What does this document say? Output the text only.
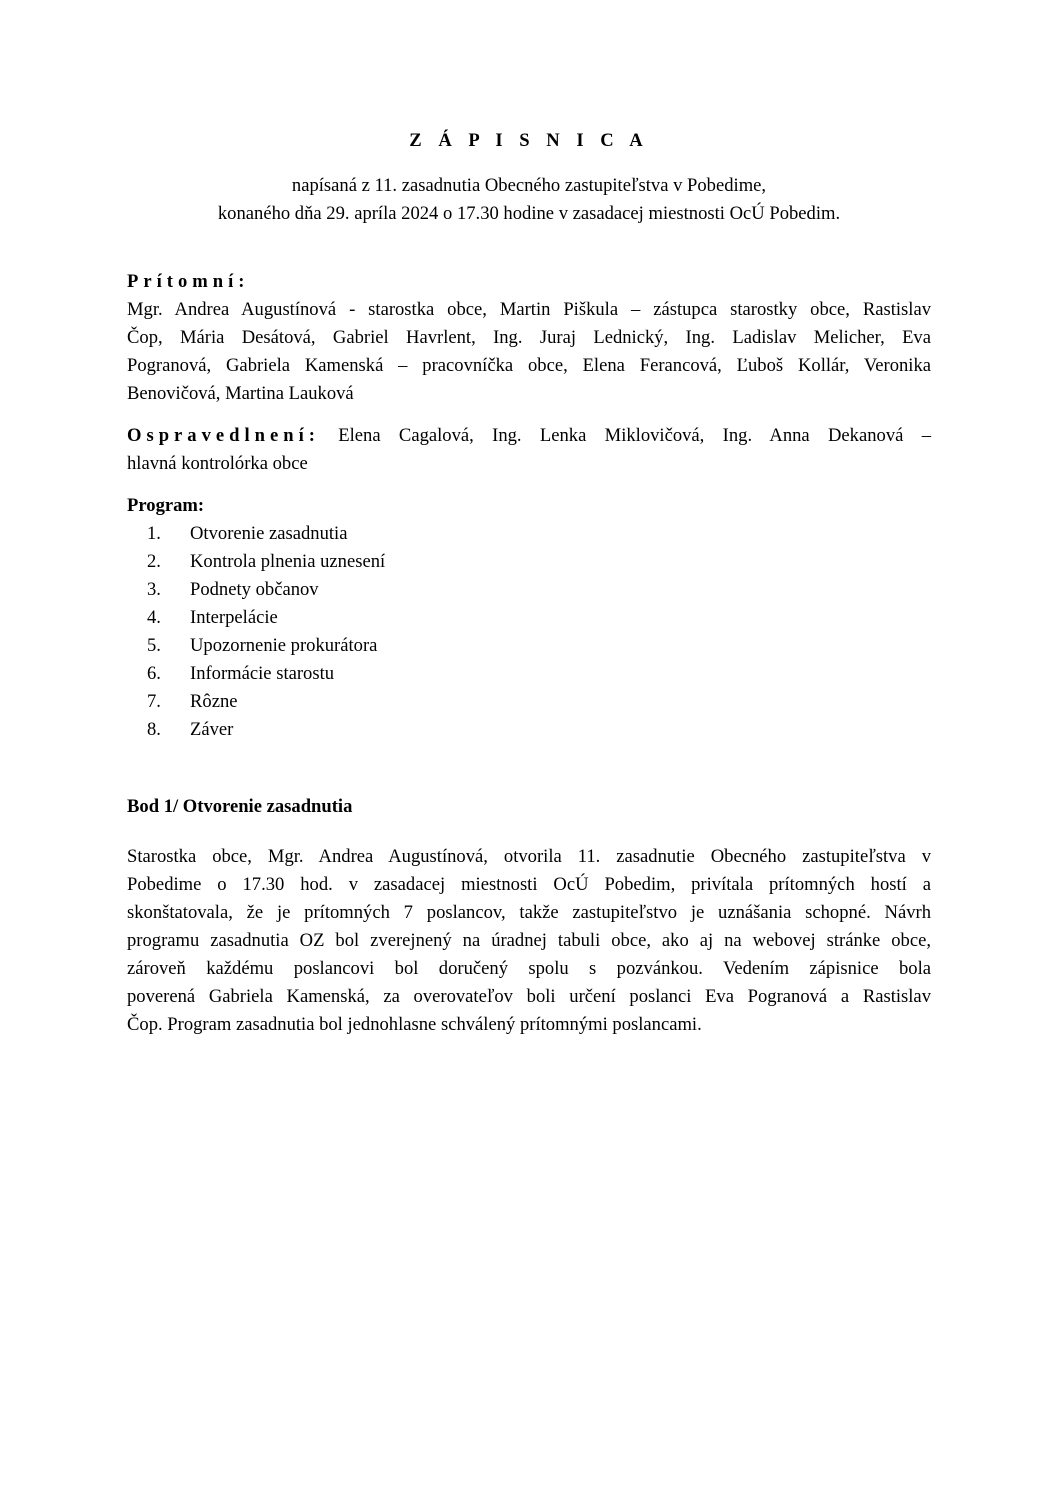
Z Á P I S N I C A
napísaná z 11. zasadnutia Obecného zastupiteľstva v Pobedime,
konaného dňa 29. apríla 2024 o 17.30 hodine v zasadacej miestnosti OcÚ Pobedim.
Prítomní:
Mgr. Andrea Augustínová - starostka obce, Martin Piškula – zástupca starostky obce, Rastislav
Čop, Mária Desátová, Gabriel Havrlent, Ing. Juraj Lednický, Ing. Ladislav Melicher, Eva
Pogranová, Gabriela Kamenská – pracovníčka obce, Elena Ferancová, Ľuboš Kollár, Veronika
Benovičová, Martina Lauková
Ospravedlnení: Elena Cagalová, Ing. Lenka Miklovičová, Ing. Anna Dekanová –
hlavná kontrolórka obce
Program:
1.	Otvorenie zasadnutia
2.	Kontrola plnenia uznesení
3.	Podnety občanov
4.	Interpelácie
5.	Upozornenie prokurátora
6.	Informácie starostu
7.	Rôzne
8.	Záver
Bod 1/ Otvorenie zasadnutia
Starostka obce, Mgr. Andrea Augustínová, otvorila 11. zasadnutie Obecného zastupiteľstva v
Pobedime o 17.30 hod. v zasadacej miestnosti OcÚ Pobedim, privítala prítomných hostí a
skonštatovala, že je prítomných 7 poslancov, takže zastupiteľstvo je uznášania schopné. Návrh
programu zasadnutia OZ bol zverejnený na úradnej tabuli obce, ako aj na webovej stránke obce,
zároveň každému poslancovi bol doručený spolu s pozvánkou. Vedením zápisnice bola
poverená Gabriela Kamenská, za overovateľov boli určení poslanci Eva Pogranová a Rastislav
Čop. Program zasadnutia bol jednohlasne schválený prítomnými poslancami.
